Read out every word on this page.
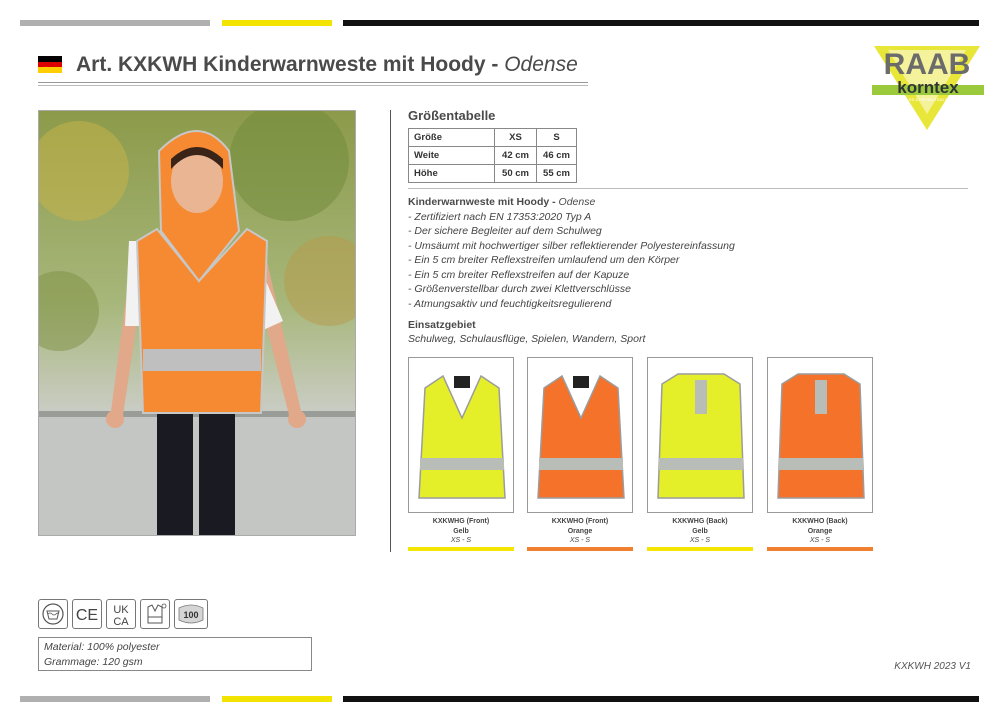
Art. KXKWH Kinderwarnweste mit Hoody - Odense	RAAB
korntex
TEXTILES & PROMOTION OUTLET
Größentabelle
Größe	XS	S
Weite	42 cm	46 cm
Höhe	50 cm	55 cm
Kinderwarnweste mit Hoody - Odense
- Zertifiziert nach EN 17353:2020 Typ A
- Der sichere Begleiter auf dem Schulweg
- Umsäumt mit hochwertiger silber reflektierender Polyestereinfassung
- Ein 5 cm breiter Reflexstreifen umlaufend um den Körper
- Ein 5 cm breiter Reflexstreifen auf der Kapuze
- Größenverstellbar durch zwei Klettverschlüsse
- Atmungsaktiv und feuchtigkeitsregulierend
Einsatzgebiet
Schulweg, Schulausflüge, Spielen, Wandern, Sport
KXKWHG (Front)
Gelb
XS - S
KXKWHO (Front)
Orange
XS - S
KXKWHG (Back)
Gelb
XS - S
KXKWHO (Back)
Orange
XS - S
CE UK
CA
100
Material: 100% polyester
Grammage: 120 gsm	KXKWH 2023 V1
